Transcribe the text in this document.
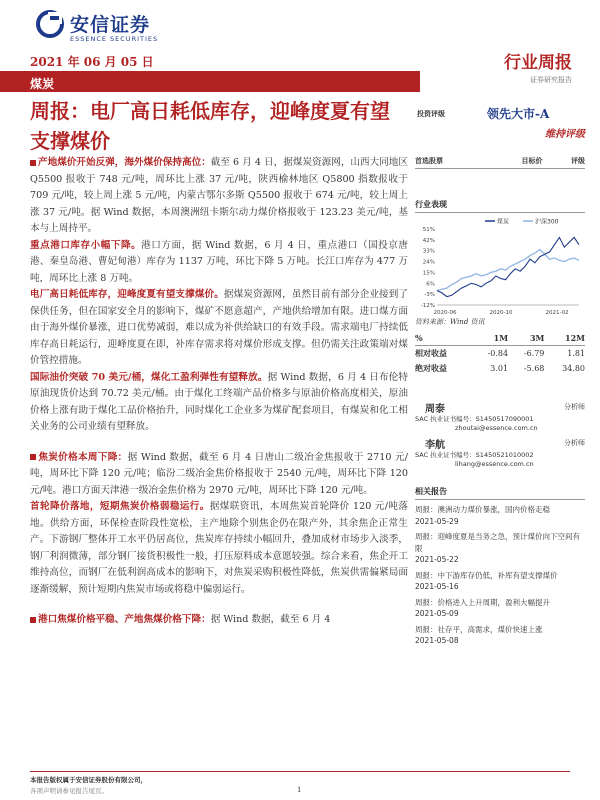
安信证券
ESSENCE SECURITIES
2021 年 06 月 05 日
煤炭
行业周报
证券研究报告
周报：电厂高日耗低库存，迎峰度夏有望支撑煤价

产地煤价开始反弹，海外煤价保持高位：截至 6 月 4 日，据煤炭资源网，山西大同地区 Q5500 报收于 748 元/吨，周环比上涨 37 元/吨，陕西榆林地区 Q5800 指数报收于 709 元/吨，较上周上涨 5 元/吨，内蒙古鄂尔多斯 Q5500 报收于 674 元/吨，较上周上涨 37 元/吨。据 Wind 数据，本周澳洲纽卡斯尔动力煤价格报收于 123.23 美元/吨，基本与上周持平。

重点港口库存小幅下降。港口方面，据 Wind 数据，6 月 4 日，重点港口（国投京唐港、秦皇岛港、曹妃甸港）库存为 1137 万吨，环比下降 5 万吨。长江口库存为 477 万吨，周环比上涨 8 万吨。

电厂高日耗低库存，迎峰度夏有望支撑煤价。据煤炭资源网，虽然目前有部分企业接到了保供任务，但在国家安全月的影响下，煤矿不愿意超产，产地供给增加有限。进口煤方面由于海外煤价暴涨，进口优势减弱，难以成为补供给缺口的有效手段。需求端电厂持续低库存高日耗运行，迎峰度夏在即，补库存需求将对煤价形成支撑。但仍需关注政策端对煤价管控措施。

国际油价突破 70 美元/桶，煤化工盈利弹性有望释放。据 Wind 数据，6 月 4 日布伦特原油现货价达到 70.72 美元/桶。由于煤化工终端产品价格多与原油价格高度相关，原油价格上涨有助于煤化工品价格抬升，同时煤化工企业多为煤矿配套项目，有煤炭和化工相关业务的公司业绩有望释放。

焦炭价格本周下降：据 Wind 数据，截至 6 月 4 日唐山二级冶金焦报收于 2710 元/吨，周环比下降 120 元/吨；临汾二级冶金焦价格报收于 2540 元/吨，周环比下降 120 元/吨。港口方面天津港一级冶金焦价格为 2970 元/吨，周环比下降 120 元/吨。

首轮降价落地，短期焦炭价格弱稳运行。据煤联资讯，本周焦炭首轮降价 120 元/吨落地。供给方面，环保检查阶段性宽松，主产地除个别焦企仍在限产外，其余焦企正常生产。下游钢厂整体开工水平仍居高位，焦炭库存持续小幅回升，叠加成材市场步入淡季，钢厂利润微薄，部分钢厂接货积极性一般，打压原料成本意愿较强。综合来看，焦企开工维持高位，而钢厂在低利润高成本的影响下，对焦炭采购积极性降低，焦炭供需偏紧局面逐渐缓解，预计短期内焦炭市场或将稳中偏弱运行。

港口焦煤价格平稳、产地焦煤价格下降：据 Wind 数据，截至 6 月 4

投资评级	领先大市-A
维持评级
首选股票	目标价	评级
行业表现
煤炭	沪深300
51%
42%
33%
24%
15%
6%
-3%
-12%
2020-06	2020-10	2021-02
资料来源：Wind 资讯
%	1M	3M	12M
相对收益	-0.84	-6.79	1.81
绝对收益	3.01	-5.68	34.80
周泰	分析师
SAC 执业证书编号：S1450517090001
zhoutai@essence.com.cn
李航	分析师
SAC 执业证书编号：S1450521010002
lihang@essence.com.cn
相关报告
周报：澳洲动力煤价暴涨，国内价格走稳
2021-05-29
周报：迎峰度夏是当务之急，预计煤价向下空间有限
2021-05-22
周报：中下游库存仍低，补库有望支撑煤价
2021-05-16
周报：价格进入上升周期，盈利大幅提升
2021-05-09
周报：社存平，高需求，煤价快速上涨
2021-05-08
本报告版权属于安信证券股份有限公司，
各项声明请参见报告尾页。	1
